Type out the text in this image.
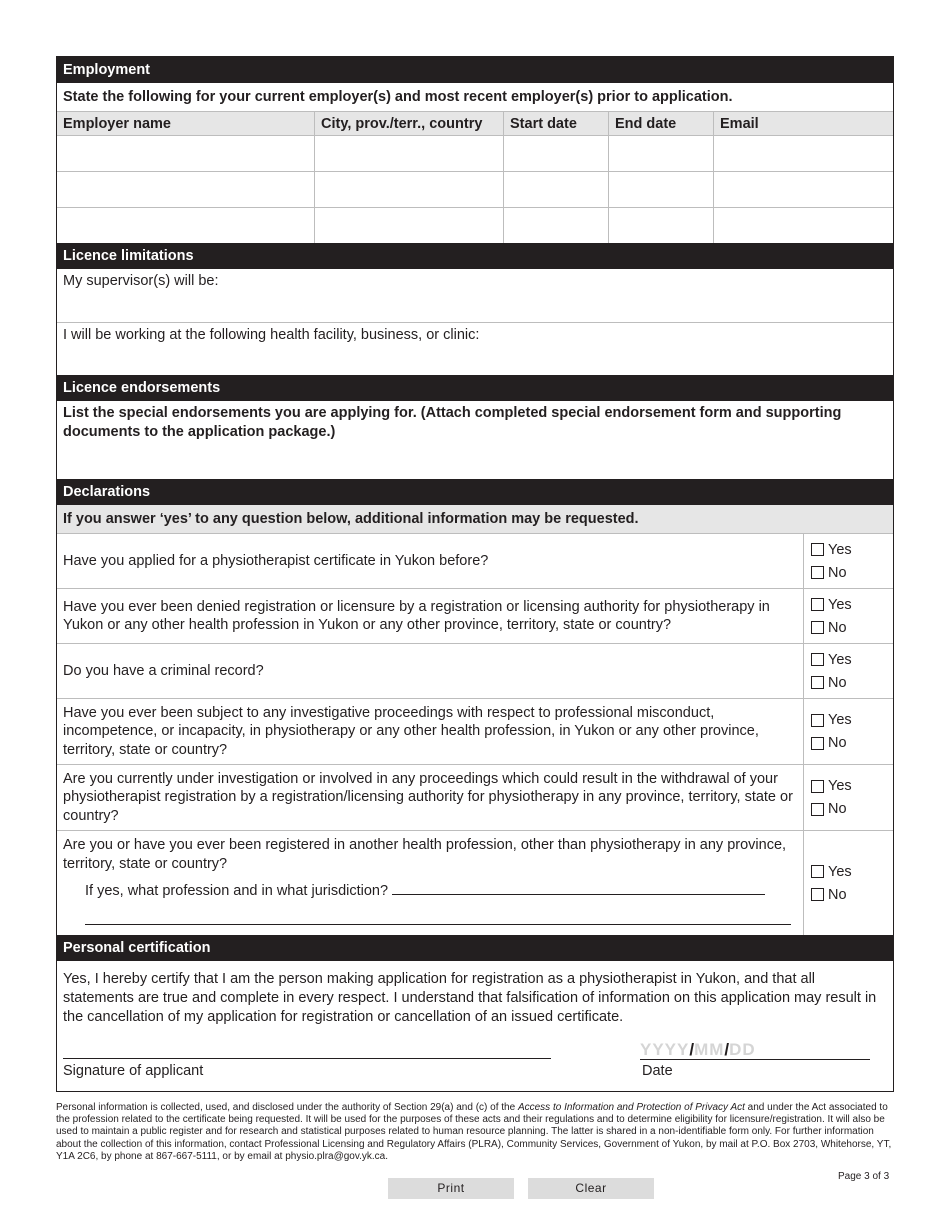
Employment
State the following for your current employer(s) and most recent employer(s) prior to application.
Employer name	City, prov./terr., country	Start date	End date	Email
Licence limitations
My supervisor(s) will be:
I will be working at the following health facility, business, or clinic:
Licence endorsements
List the special endorsements you are applying for. (Attach completed special endorsement form and supporting documents to the application package.)
Declarations
If you answer ‘yes’ to any question below, additional information may be requested.
Have you applied for a physiotherapist certificate in Yukon before?
Yes
No
Have you ever been denied registration or licensure by a registration or licensing authority for physiotherapy in Yukon or any other health profession in Yukon or any other province, territory, state or country?
Yes
No
Do you have a criminal record?
Yes
No
Have you ever been subject to any investigative proceedings with respect to professional misconduct, incompetence, or incapacity, in physiotherapy or any other health profession, in Yukon or any other province, territory, state or country?
Yes
No
Are you currently under investigation or involved in any proceedings which could result in the withdrawal of your physiotherapist registration by a registration/licensing authority for physiotherapy in any province, territory, state or country?
Yes
No
Are you or have you ever been registered in another health profession, other than physiotherapy in any province, territory, state or country?
If yes, what profession and in what jurisdiction?
Yes
No
Personal certification
Yes, I hereby certify that I am the person making application for registration as a physiotherapist in Yukon, and that all statements are true and complete in every respect. I understand that falsification of information on this application may result in the cancellation of my application for registration or cancellation of an issued certificate.
Signature of applicant
YYYY/MM/DD
Date
Personal information is collected, used, and disclosed under the authority of Section 29(a) and (c) of the Access to Information and Protection of Privacy Act and under the Act associated to the profession related to the certificate being requested. It will be used for the purposes of these acts and their regulations and to determine eligibility for licensure/registration. It will also be used to maintain a public register and for research and statistical purposes related to human resource planning. The latter is shared in a non-identifiable form only. For further information about the collection of this information, contact Professional Licensing and Regulatory Affairs (PLRA), Community Services, Government of Yukon, by mail at P.O. Box 2703, Whitehorse, YT, Y1A 2C6, by phone at 867-667-5111, or by email at physio.plra@gov.yk.ca.
Page 3 of 3
Print	Clear
